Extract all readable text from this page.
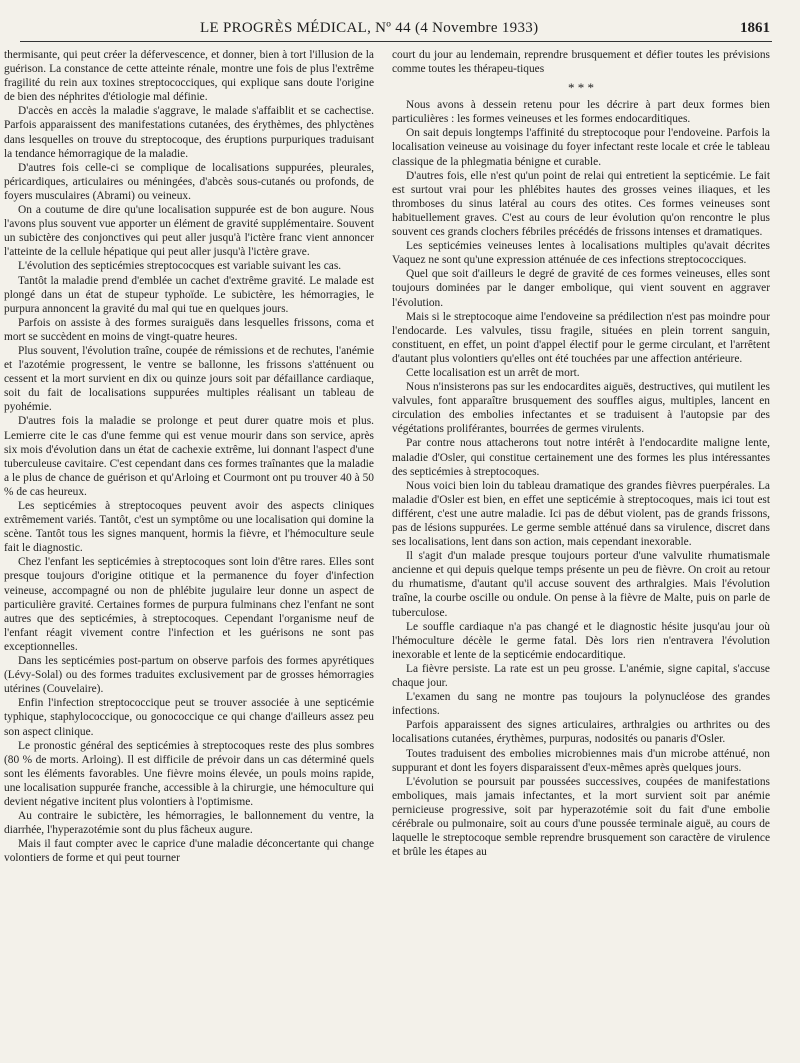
LE PROGRÈS MÉDICAL, Nº 44 (4 Novembre 1933)	1861

thermisante, qui peut créer la défervescence, et donner, bien à tort l'illusion de la guérison. La constance de cette atteinte rénale, montre une fois de plus l'extrême fragilité du rein aux toxines streptococciques, qui explique sans doute l'origine de bien des néphrites d'étiologie mal définie.

D'accès en accès la maladie s'aggrave, le malade s'affaiblit et se cachectise. Parfois apparaissent des manifestations cutanées, des érythèmes, des phlyctènes dans lesquelles on trouve du streptocoque, des éruptions purpuriques traduisant la tendance hémorragique de la maladie.

D'autres fois celle-ci se complique de localisations suppurées, pleurales, péricardiques, articulaires ou méningées, d'abcès sous-cutanés ou profonds, de foyers musculaires (Abrami) ou veineux.

On a coutume de dire qu'une localisation suppurée est de bon augure. Nous l'avons plus souvent vue apporter un élément de gravité supplémentaire. Souvent un subictère des conjonctives qui peut aller jusqu'à l'ictère franc vient annoncer l'atteinte de la cellule hépatique qui peut aller jusqu'à l'ictère grave.

L'évolution des septicémies streptococques est variable suivant les cas.

Tantôt la maladie prend d'emblée un cachet d'extrême gravité. Le malade est plongé dans un état de stupeur typhoïde. Le subictère, les hémorragies, le purpura annoncent la gravité du mal qui tue en quelques jours.

Parfois on assiste à des formes suraiguës dans lesquelles frissons, coma et mort se succèdent en moins de vingt-quatre heures.

Plus souvent, l'évolution traîne, coupée de rémissions et de rechutes, l'anémie et l'azotémie progressent, le ventre se ballonne, les frissons s'atténuent ou cessent et la mort survient en dix ou quinze jours soit par défaillance cardiaque, soit du fait de localisations suppurées multiples réalisant un tableau de pyohémie.

D'autres fois la maladie se prolonge et peut durer quatre mois et plus. Lemierre cite le cas d'une femme qui est venue mourir dans son service, après six mois d'évolution dans un état de cachexie extrême, lui donnant l'aspect d'une tuberculeuse cavitaire. C'est cependant dans ces formes traînantes que la maladie a le plus de chance de guérison et qu'Arloing et Courmont ont pu trouver 40 à 50 % de cas heureux.

Les septicémies à streptocoques peuvent avoir des aspects cliniques extrêmement variés. Tantôt, c'est un symptôme ou une localisation qui domine la scène. Tantôt tous les signes manquent, hormis la fièvre, et l'hémoculture seule fait le diagnostic.

Chez l'enfant les septicémies à streptocoques sont loin d'être rares. Elles sont presque toujours d'origine otitique et la permanence du foyer d'infection veineuse, accompagné ou non de phlébite jugulaire leur donne un aspect de particulière gravité. Certaines formes de purpura fulminans chez l'enfant ne sont autres que des septicémies, à streptocoques. Cependant l'organisme neuf de l'enfant réagit vivement contre l'infection et les guérisons ne sont pas exceptionnelles.

Dans les septicémies post-partum on observe parfois des formes apyrétiques (Lévy-Solal) ou des formes traduites exclusivement par de grosses hémorragies utérines (Couvelaire).

Enfin l'infection streptococcique peut se trouver associée à une septicémie typhique, staphylococcique, ou gonococcique ce qui change d'ailleurs assez peu son aspect clinique.

Le pronostic général des septicémies à streptocoques reste des plus sombres (80 % de morts. Arloing). Il est difficile de prévoir dans un cas déterminé quels sont les éléments favorables. Une fièvre moins élevée, un pouls moins rapide, une localisation suppurée franche, accessible à la chirurgie, une hémoculture qui devient négative incitent plus volontiers à l'optimisme.

Au contraire le subictère, les hémorragies, le ballonnement du ventre, la diarrhée, l'hyperazotémie sont du plus fâcheux augure.

Mais il faut compter avec le caprice d'une maladie déconcertante qui change volontiers de forme et qui peut tourner

court du jour au lendemain, reprendre brusquement et défier toutes les prévisions comme toutes les thérapeu-tiques

* * *

Nous avons à dessein retenu pour les décrire à part deux formes bien particulières : les formes veineuses et les formes endocarditiques.

On sait depuis longtemps l'affinité du streptocoque pour l'endoveine. Parfois la localisation veineuse au voisinage du foyer infectant reste locale et crée le tableau classique de la phlegmatia bénigne et curable.

D'autres fois, elle n'est qu'un point de relai qui entretient la septicémie. Le fait est surtout vrai pour les phlébites hautes des grosses veines iliaques, et les thromboses du sinus latéral au cours des otites. Ces formes veineuses sont habituellement graves. C'est au cours de leur évolution qu'on rencontre le plus souvent ces grands clochers fébriles précédés de frissons intenses et dramatiques.

Les septicémies veineuses lentes à localisations multiples qu'avait décrites Vaquez ne sont qu'une expression atténuée de ces infections streptococciques.

Quel que soit d'ailleurs le degré de gravité de ces formes veineuses, elles sont toujours dominées par le danger embolique, qui vient souvent en aggraver l'évolution.

Mais si le streptocoque aime l'endoveine sa prédilection n'est pas moindre pour l'endocarde. Les valvules, tissu fragile, situées en plein torrent sanguin, constituent, en effet, un point d'appel électif pour le germe circulant, et l'arrêtent d'autant plus volontiers qu'elles ont été touchées par une affection antérieure.

Cette localisation est un arrêt de mort.

Nous n'insisterons pas sur les endocardites aiguës, destructives, qui mutilent les valvules, font apparaître brusquement des souffles aigus, multiples, lancent en circulation des embolies infectantes et se traduisent à l'autopsie par des végétations proliférantes, bourrées de germes virulents.

Par contre nous attacherons tout notre intérêt à l'endocardite maligne lente, maladie d'Osler, qui constitue certainement une des formes les plus intéressantes des septicémies à streptocoques.

Nous voici bien loin du tableau dramatique des grandes fièvres puerpérales. La maladie d'Osler est bien, en effet une septicémie à streptocoques, mais ici tout est différent, c'est une autre maladie. Ici pas de début violent, pas de grands frissons, pas de lésions suppurées. Le germe semble atténué dans sa virulence, discret dans ses localisations, lent dans son action, mais cependant inexorable.

Il s'agit d'un malade presque toujours porteur d'une valvulite rhumatismale ancienne et qui depuis quelque temps présente un peu de fièvre. On croit au retour du rhumatisme, d'autant qu'il accuse souvent des arthralgies. Mais l'évolution traîne, la courbe oscille ou ondule. On pense à la fièvre de Malte, puis on parle de tuberculose.

Le souffle cardiaque n'a pas changé et le diagnostic hésite jusqu'au jour où l'hémoculture décèle le germe fatal. Dès lors rien n'entravera l'évolution inexorable et lente de la septicémie endocarditique.

La fièvre persiste. La rate est un peu grosse. L'anémie, signe capital, s'accuse chaque jour.

L'examen du sang ne montre pas toujours la polynucléose des grandes infections.

Parfois apparaissent des signes articulaires, arthralgies ou arthrites ou des localisations cutanées, érythèmes, purpuras, nodosités ou panaris d'Osler.

Toutes traduisent des embolies microbiennes mais d'un microbe atténué, non suppurant et dont les foyers disparaissent d'eux-mêmes après quelques jours.

L'évolution se poursuit par poussées successives, coupées de manifestations emboliques, mais jamais infectantes, et la mort survient soit par anémie pernicieuse progressive, soit par hyperazotémie soit du fait d'une embolie cérébrale ou pulmonaire, soit au cours d'une poussée terminale aiguë, au cours de laquelle le streptocoque semble reprendre brusquement son caractère de virulence et brûle les étapes au
